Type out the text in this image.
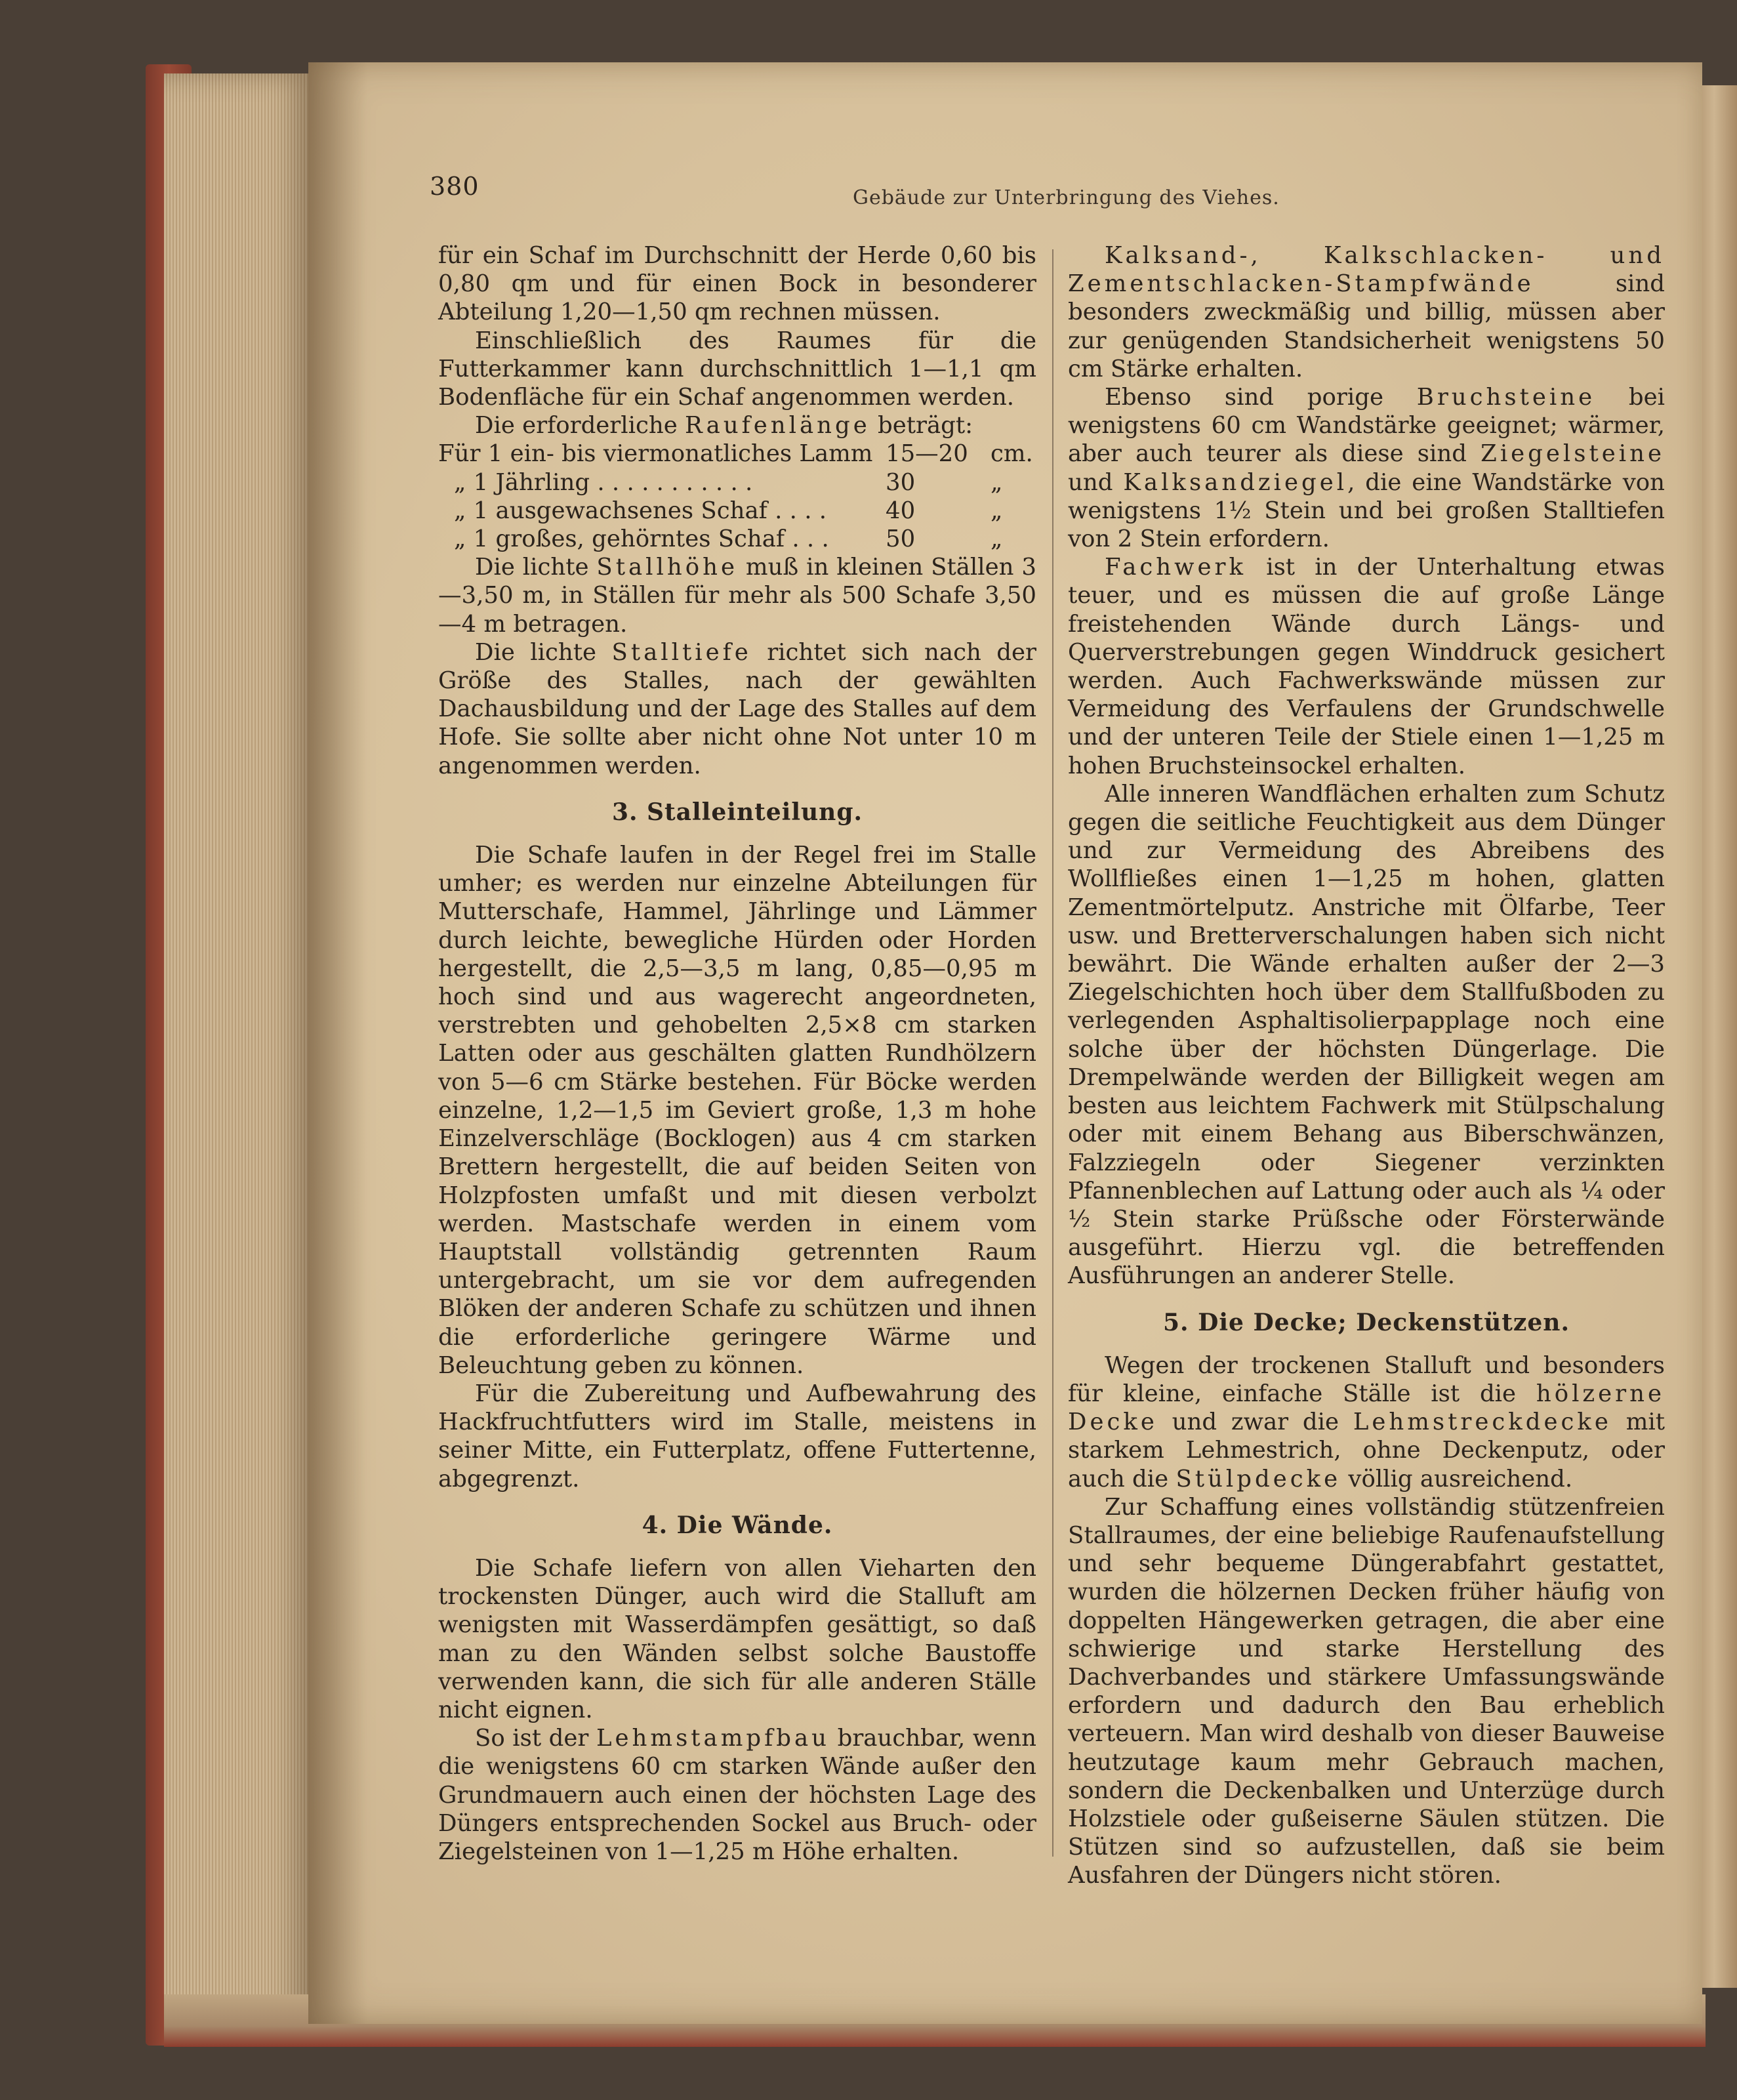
380	Gebäude zur Unterbringung des Viehes.

für ein Schaf im Durchschnitt der Herde 0,60 bis 0,80 qm und für einen Bock in besonderer Abteilung 1,20—1,50 qm rechnen müssen.

Einschließlich des Raumes für die Futterkammer kann durchschnittlich 1—1,1 qm Bodenfläche für ein Schaf angenommen werden.

Die erforderliche Raufenlänge beträgt:

Für 1 ein- bis viermonatliches Lamm	15—20	cm.
„ 1 Jährling . . . . . . . . . . .	30	„
„ 1 ausgewachsenes Schaf . . . .	40	„
„ 1 großes, gehörntes Schaf . . .	50	„

Die lichte Stallhöhe muß in kleinen Ställen 3—3,50 m, in Ställen für mehr als 500 Schafe 3,50—4 m betragen.

Die lichte Stalltiefe richtet sich nach der Größe des Stalles, nach der gewählten Dachausbildung und der Lage des Stalles auf dem Hofe. Sie sollte aber nicht ohne Not unter 10 m angenommen werden.

3. Stalleinteilung.

Die Schafe laufen in der Regel frei im Stalle umher; es werden nur einzelne Abteilungen für Mutterschafe, Hammel, Jährlinge und Lämmer durch leichte, bewegliche Hürden oder Horden hergestellt, die 2,5—3,5 m lang, 0,85—0,95 m hoch sind und aus wagerecht angeordneten, verstrebten und gehobelten 2,5×8 cm starken Latten oder aus geschälten glatten Rundhölzern von 5—6 cm Stärke bestehen. Für Böcke werden einzelne, 1,2—1,5 im Geviert große, 1,3 m hohe Einzelverschläge (Bocklogen) aus 4 cm starken Brettern hergestellt, die auf beiden Seiten von Holzpfosten umfaßt und mit diesen verbolzt werden. Mastschafe werden in einem vom Hauptstall vollständig getrennten Raum untergebracht, um sie vor dem aufregenden Blöken der anderen Schafe zu schützen und ihnen die erforderliche geringere Wärme und Beleuchtung geben zu können.

Für die Zubereitung und Aufbewahrung des Hackfruchtfutters wird im Stalle, meistens in seiner Mitte, ein Futterplatz, offene Futtertenne, abgegrenzt.

4. Die Wände.

Die Schafe liefern von allen Vieharten den trockensten Dünger, auch wird die Stalluft am wenigsten mit Wasserdämpfen gesättigt, so daß man zu den Wänden selbst solche Baustoffe verwenden kann, die sich für alle anderen Ställe nicht eignen.

So ist der Lehmstampfbau brauchbar, wenn die wenigstens 60 cm starken Wände außer den Grundmauern auch einen der höchsten Lage des Düngers entsprechenden Sockel aus Bruch- oder Ziegelsteinen von 1—1,25 m Höhe erhalten.

Kalksand-, Kalkschlacken- und Zementschlacken-Stampfwände sind besonders zweckmäßig und billig, müssen aber zur genügenden Standsicherheit wenigstens 50 cm Stärke erhalten.

Ebenso sind porige Bruchsteine bei wenigstens 60 cm Wandstärke geeignet; wärmer, aber auch teurer als diese sind Ziegelsteine und Kalksandziegel, die eine Wandstärke von wenigstens 1½ Stein und bei großen Stalltiefen von 2 Stein erfordern.

Fachwerk ist in der Unterhaltung etwas teuer, und es müssen die auf große Länge freistehenden Wände durch Längs- und Querverstrebungen gegen Winddruck gesichert werden. Auch Fachwerkswände müssen zur Vermeidung des Verfaulens der Grundschwelle und der unteren Teile der Stiele einen 1—1,25 m hohen Bruchsteinsockel erhalten.

Alle inneren Wandflächen erhalten zum Schutz gegen die seitliche Feuchtigkeit aus dem Dünger und zur Vermeidung des Abreibens des Wollfließes einen 1—1,25 m hohen, glatten Zementmörtelputz. Anstriche mit Ölfarbe, Teer usw. und Bretterverschalungen haben sich nicht bewährt. Die Wände erhalten außer der 2—3 Ziegelschichten hoch über dem Stallfußboden zu verlegenden Asphaltisolierpapplage noch eine solche über der höchsten Düngerlage. Die Drempelwände werden der Billigkeit wegen am besten aus leichtem Fachwerk mit Stülpschalung oder mit einem Behang aus Biberschwänzen, Falzziegeln oder Siegener verzinkten Pfannenblechen auf Lattung oder auch als ¼ oder ½ Stein starke Prüßsche oder Försterwände ausgeführt. Hierzu vgl. die betreffenden Ausführungen an anderer Stelle.

5. Die Decke; Deckenstützen.

Wegen der trockenen Stalluft und besonders für kleine, einfache Ställe ist die hölzerne Decke und zwar die Lehmstreckdecke mit starkem Lehmestrich, ohne Deckenputz, oder auch die Stülpdecke völlig ausreichend.

Zur Schaffung eines vollständig stützenfreien Stallraumes, der eine beliebige Raufenaufstellung und sehr bequeme Düngerabfahrt gestattet, wurden die hölzernen Decken früher häufig von doppelten Hängewerken getragen, die aber eine schwierige und starke Herstellung des Dachverbandes und stärkere Umfassungswände erfordern und dadurch den Bau erheblich verteuern. Man wird deshalb von dieser Bauweise heutzutage kaum mehr Gebrauch machen, sondern die Deckenbalken und Unterzüge durch Holzstiele oder gußeiserne Säulen stützen. Die Stützen sind so aufzustellen, daß sie beim Ausfahren der Düngers nicht stören.
